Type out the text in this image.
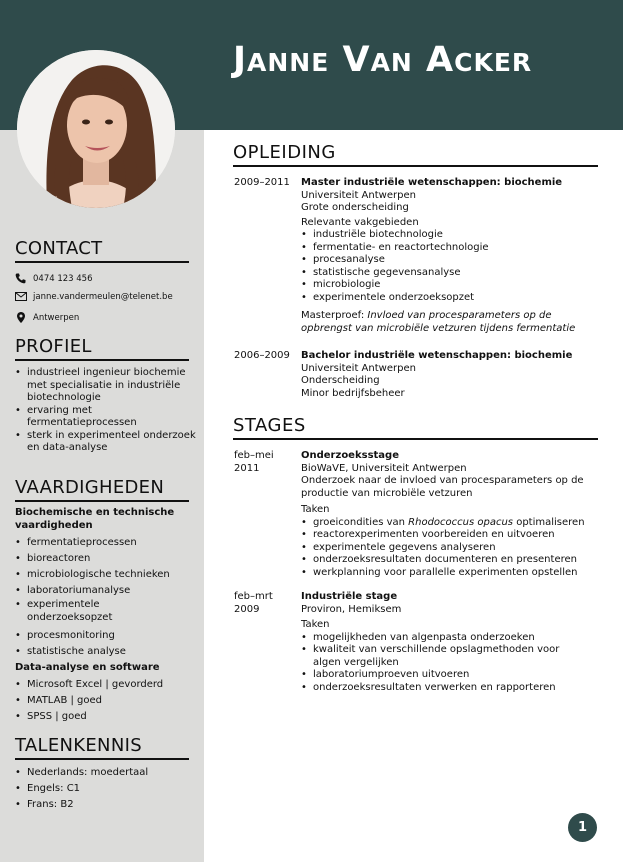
Janne Van Acker
CONTACT
0474 123 456
janne.vandermeulen@telenet.be
Antwerpen
PROFIEL
• industrieel ingenieur biochemie met specialisatie in industriële biotechnologie
• ervaring met fermentatieprocessen
• sterk in experimenteel onderzoek en data-analyse
VAARDIGHEDEN
Biochemische en technische vaardigheden
• fermentatieprocessen
• bioreactoren
• microbiologische technieken
• laboratoriumanalyse
• experimentele onderzoeksopzet
• procesmonitoring
• statistische analyse
Data-analyse en software
• Microsoft Excel | gevorderd
• MATLAB | goed
• SPSS | goed
TALENKENNIS
• Nederlands: moedertaal
• Engels: C1
• Frans: B2
OPLEIDING
2009–2011 Master industriële wetenschappen: biochemie
Universiteit Antwerpen
Grote onderscheiding
Relevante vakgebieden
• industriële biotechnologie
• fermentatie- en reactortechnologie
• procesanalyse
• statistische gegevensanalyse
• microbiologie
• experimentele onderzoeksopzet
Masterproef: Invloed van procesparameters op de opbrengst van microbiële vetzuren tijdens fermentatie
2006–2009 Bachelor industriële wetenschappen: biochemie
Universiteit Antwerpen
Onderscheiding
Minor bedrijfsbeheer
STAGES
feb–mei
2011
Onderzoeksstage
BioWaVE, Universiteit Antwerpen
Onderzoek naar de invloed van procesparameters op de productie van microbiële vetzuren
Taken
• groeicondities van Rhodococcus opacus optimaliseren
• reactorexperimenten voorbereiden en uitvoeren
• experimentele gegevens analyseren
• onderzoeksresultaten documenteren en presenteren
• werkplanning voor parallelle experimenten opstellen
feb–mrt
2009
Industriële stage
Proviron, Hemiksem
Taken
• mogelijkheden van algenpasta onderzoeken
• kwaliteit van verschillende opslagmethoden voor algen vergelijken
• laboratoriumproeven uitvoeren
• onderzoeksresultaten verwerken en rapporteren
1
